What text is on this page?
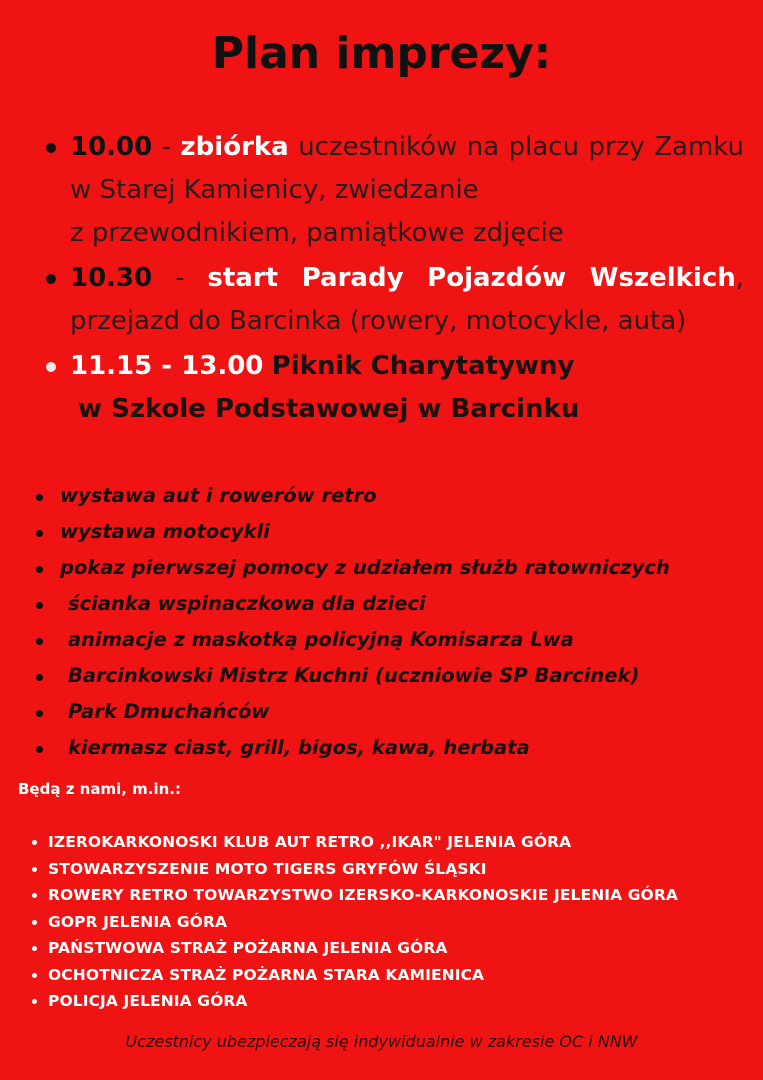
Plan imprezy:
10.00 - zbiórka uczestników na placu przy Zamku w Starej Kamienicy, zwiedzanie
z przewodnikiem, pamiątkowe zdjęcie
10.30 - start Parady Pojazdów Wszelkich, przejazd do Barcinka (rowery, motocykle, auta)
11.15 - 13.00 Piknik Charytatywny
w Szkole Podstawowej w Barcinku
wystawa aut i rowerów retro
wystawa motocykli
pokaz pierwszej pomocy z udziałem służb ratowniczych
ścianka wspinaczkowa dla dzieci
animacje z maskotką policyjną Komisarza Lwa
Barcinkowski Mistrz Kuchni (uczniowie SP Barcinek)
Park Dmuchańców
kiermasz ciast, grill, bigos, kawa, herbata
Będą z nami, m.in.:
IZEROKARKONOSKI KLUB AUT RETRO ,,IKAR" JELENIA GÓRA
STOWARZYSZENIE MOTO TIGERS GRYFÓW ŚLĄSKI
ROWERY RETRO TOWARZYSTWO IZERSKO-KARKONOSKIE JELENIA GÓRA
GOPR JELENIA GÓRA
PAŃSTWOWA STRAŻ POŻARNA JELENIA GÓRA
OCHOTNICZA STRAŻ POŻARNA STARA KAMIENICA
POLICJA JELENIA GÓRA
Uczestnicy ubezpieczają się indywidualnie w zakresie OC i NNW
